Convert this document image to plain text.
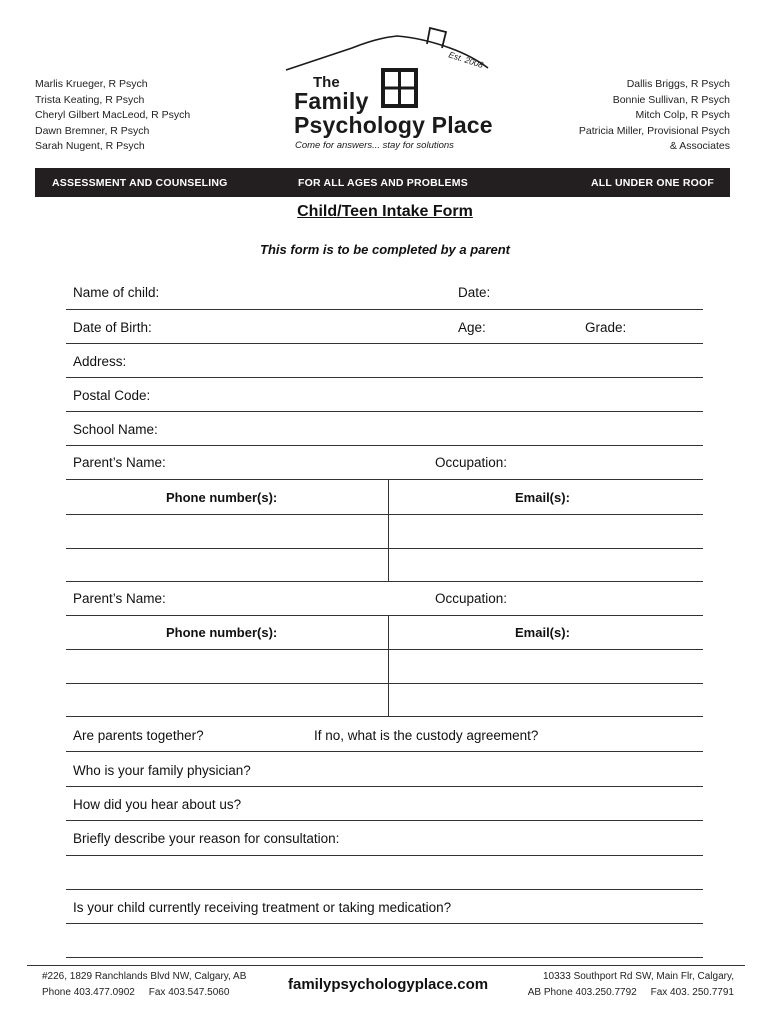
Marlis Krueger, R Psych
Trista Keating, R Psych
Cheryl Gilbert MacLeod, R Psych
Dawn Bremner, R Psych
Sarah Nugent, R Psych
Dallis Briggs, R Psych
Bonnie Sullivan, R Psych
Mitch Colp, R Psych
Patricia Miller, Provisional Psych
& Associates
Est. 2008
The
Family
Psychology Place
Come for answers... stay for solutions
ASSESSMENT AND COUNSELING	FOR ALL AGES AND PROBLEMS	ALL UNDER ONE ROOF
Child/Teen Intake Form
This form is to be completed by a parent
Name of child:	Date:
Date of Birth:	Age:	Grade:
Address:
Postal Code:
School Name:
Parent’s Name:	Occupation:
Phone number(s):	Email(s):
Parent’s Name:	Occupation:
Phone number(s):	Email(s):
Are parents together?	If no, what is the custody agreement?
Who is your family physician?
How did you hear about us?
Briefly describe your reason for consultation:
Is your child currently receiving treatment or taking medication?
#226, 1829 Ranchlands Blvd NW, Calgary, AB
Phone 403.477.0902     Fax 403.547.5060	familypsychologyplace.com	10333 Southport Rd SW, Main Flr, Calgary,
AB Phone 403.250.7792     Fax 403. 250.7791
